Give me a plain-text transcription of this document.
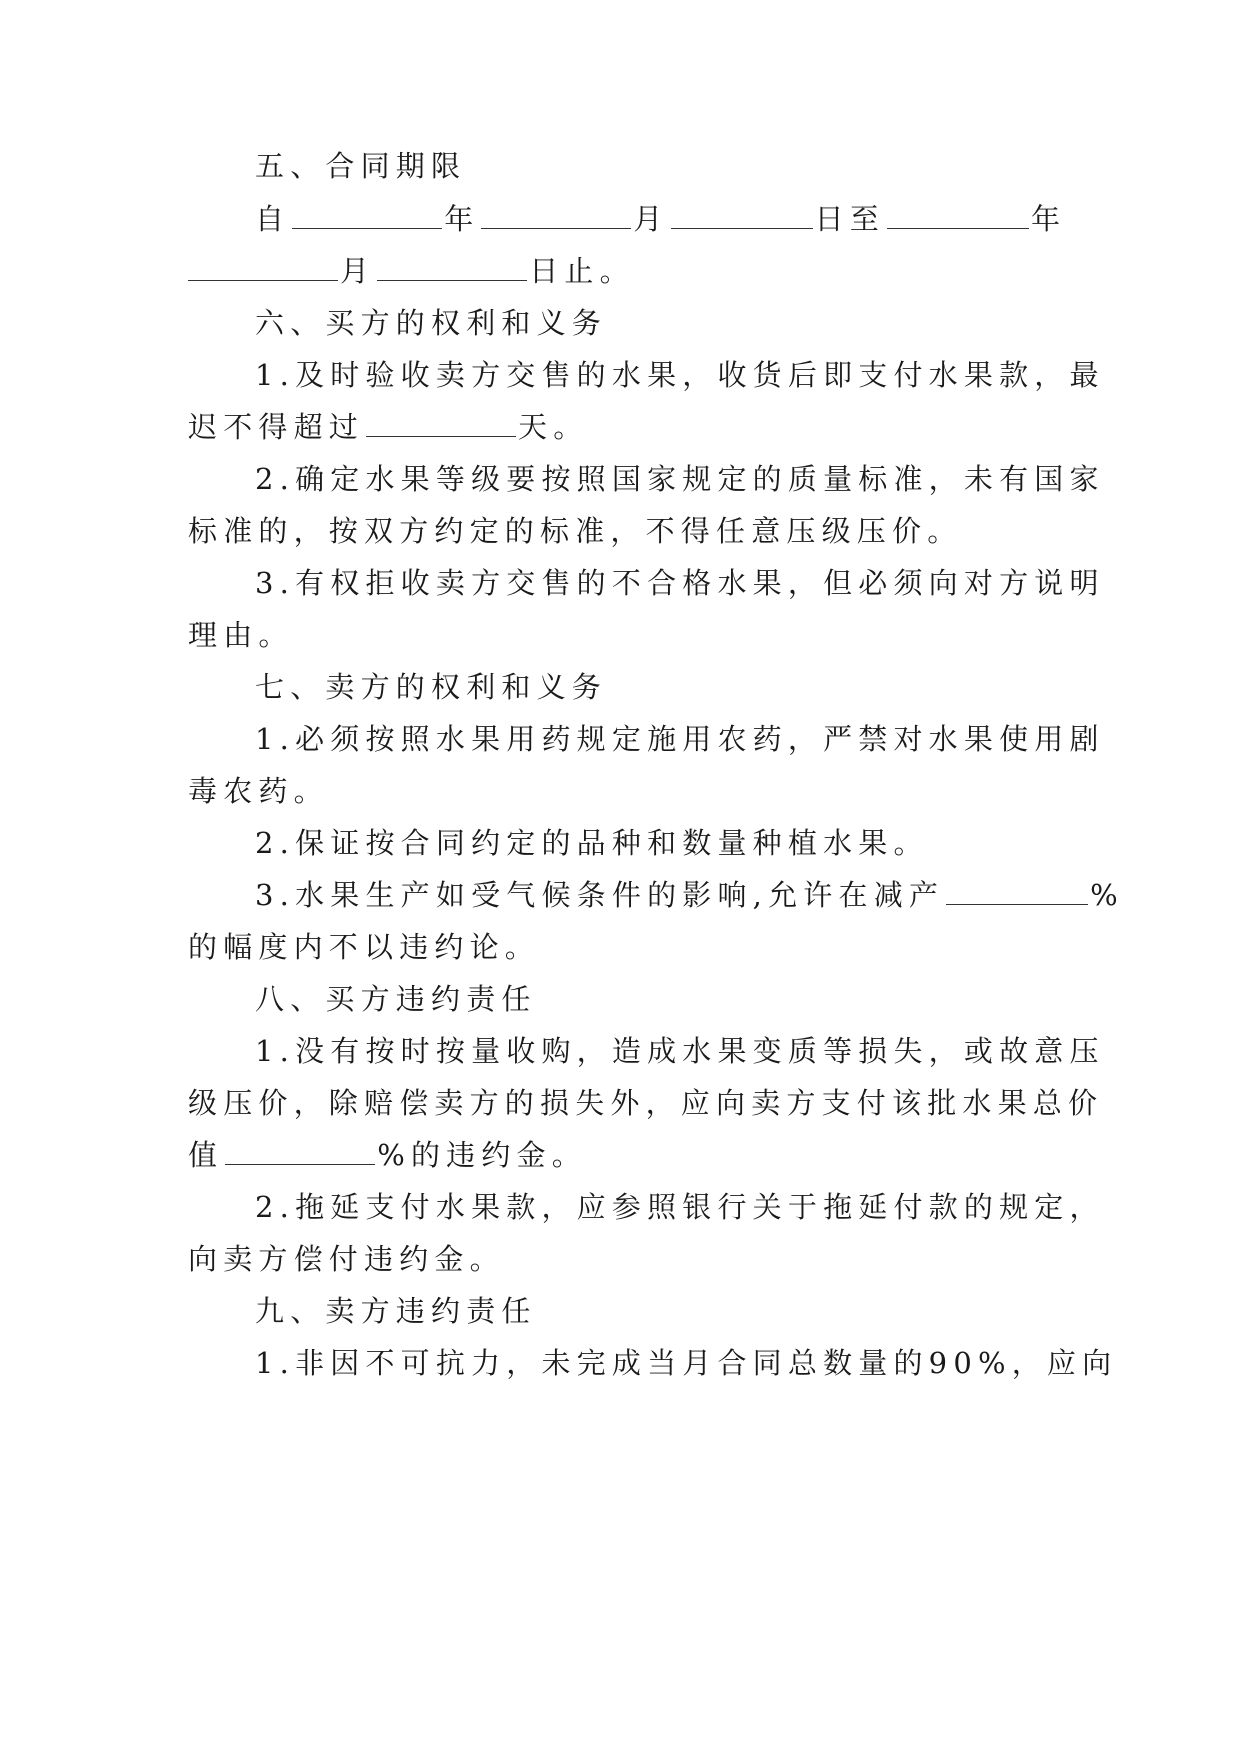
五、合同期限
自	年	月	日至	年
月	日止。
六、买方的权利和义务
1.及时验收卖方交售的水果，收货后即支付水果款，最
迟不得超过	天。
2.确定水果等级要按照国家规定的质量标准，未有国家
标准的，按双方约定的标准，不得任意压级压价。
3.有权拒收卖方交售的不合格水果，但必须向对方说明
理由。
七、卖方的权利和义务
1.必须按照水果用药规定施用农药，严禁对水果使用剧
毒农药。
2.保证按合同约定的品种和数量种植水果。
3.水果生产如受气候条件的影响,允许在减产	%
的幅度内不以违约论。
八、买方违约责任
1.没有按时按量收购，造成水果变质等损失，或故意压
级压价，除赔偿卖方的损失外，应向卖方支付该批水果总价
值	%的违约金。
2.拖延支付水果款，应参照银行关于拖延付款的规定，
向卖方偿付违约金。
九、卖方违约责任
1.非因不可抗力，未完成当月合同总数量的90%，应向
